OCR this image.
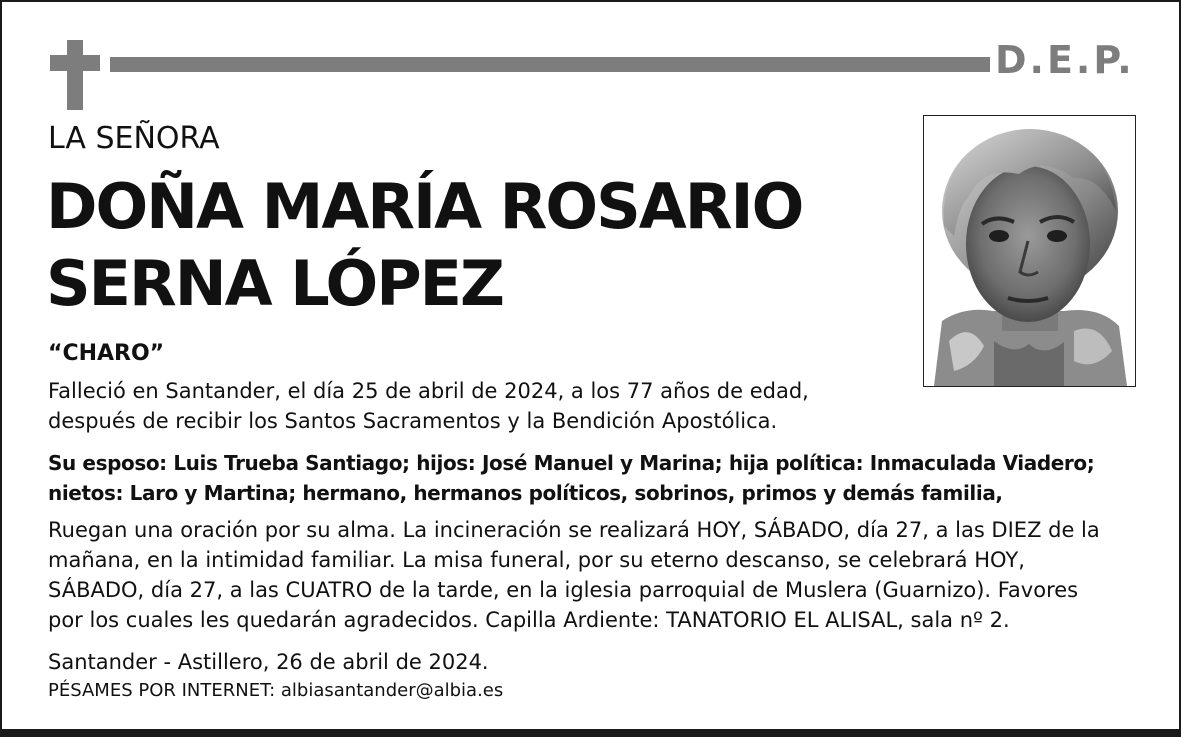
D.E.P.
LA SEÑORA
DOÑA MARÍA ROSARIO
SERNA LÓPEZ
“CHARO”
Falleció en Santander, el día 25 de abril de 2024, a los 77 años de edad,
después de recibir los Santos Sacramentos y la Bendición Apostólica.
Su esposo: Luis Trueba Santiago; hijos: José Manuel y Marina; hija política: Inmaculada Viadero;
nietos: Laro y Martina; hermano, hermanos políticos, sobrinos, primos y demás familia,
Ruegan una oración por su alma. La incineración se realizará HOY, SÁBADO, día 27, a las DIEZ de la
mañana, en la intimidad familiar. La misa funeral, por su eterno descanso, se celebrará HOY,
SÁBADO, día 27, a las CUATRO de la tarde, en la iglesia parroquial de Muslera (Guarnizo). Favores
por los cuales les quedarán agradecidos. Capilla Ardiente: TANATORIO EL ALISAL, sala nº 2.
Santander - Astillero, 26 de abril de 2024.
PÉSAMES POR INTERNET: albiasantander@albia.es
